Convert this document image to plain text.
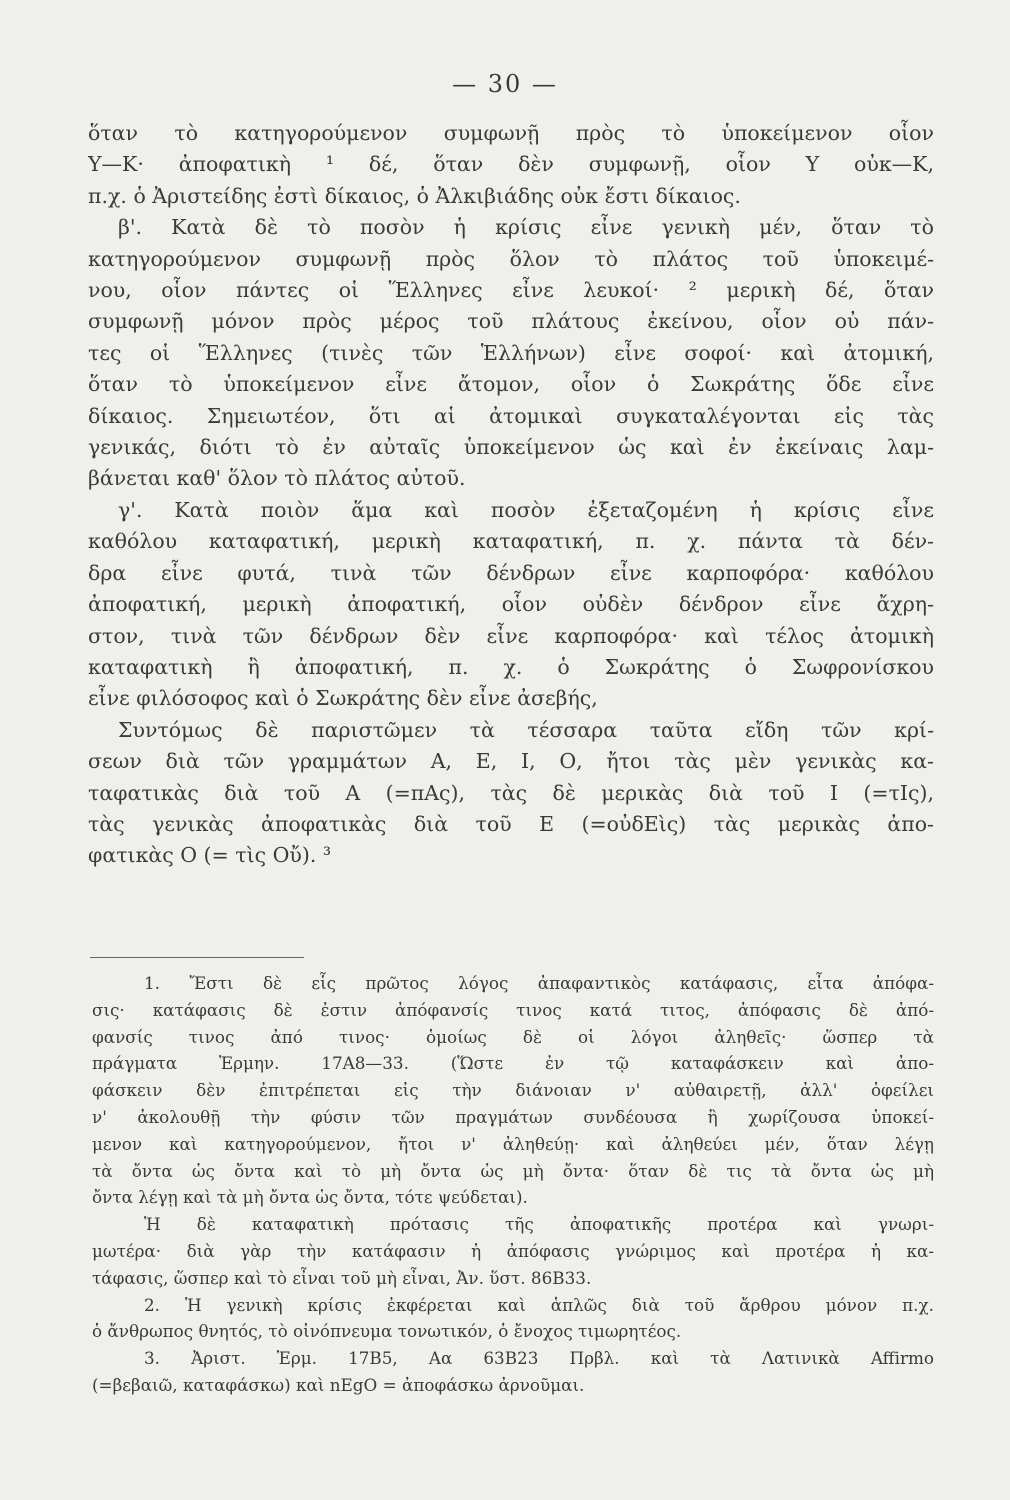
— 30 —
ὅταν τὸ κατηγορούμενον συμφωνῇ πρὸς τὸ ὑποκείμενον οἷον
Υ—Κ· ἀποφατικὴ ¹ δέ, ὅταν δὲν συμφωνῇ, οἷον Υ οὐκ—Κ,
π.χ. ὁ Ἀριστείδης ἐστὶ δίκαιος, ὁ Ἀλκιβιάδης οὐκ ἔστι δίκαιος.
β'. Κατὰ δὲ τὸ ποσὸν ἡ κρίσις εἶνε γενικὴ μέν, ὅταν τὸ
κατηγορούμενον συμφωνῇ πρὸς ὅλον τὸ πλάτος τοῦ ὑποκειμέ-
νου, οἷον πάντες οἱ Ἕλληνες εἶνε λευκοί· ² μερικὴ δέ, ὅταν
συμφωνῇ μόνον πρὸς μέρος τοῦ πλάτους ἐκείνου, οἷον οὐ πάν-
τες οἱ Ἕλληνες (τινὲς τῶν Ἑλλήνων) εἶνε σοφοί· καὶ ἀτομική,
ὅταν τὸ ὑποκείμενον εἶνε ἄτομον, οἷον ὁ Σωκράτης ὅδε εἶνε
δίκαιος. Σημειωτέον, ὅτι αἱ ἀτομικαὶ συγκαταλέγονται εἰς τὰς
γενικάς, διότι τὸ ἐν αὐταῖς ὑποκείμενον ὡς καὶ ἐν ἐκείναις λαμ-
βάνεται καθ' ὅλον τὸ πλάτος αὐτοῦ.
γ'. Κατὰ ποιὸν ἅμα καὶ ποσὸν ἐξεταζομένη ἡ κρίσις εἶνε
καθόλου καταφατική, μερικὴ καταφατική, π. χ. πάντα τὰ δέν-
δρα εἶνε φυτά, τινὰ τῶν δένδρων εἶνε καρποφόρα· καθόλου
ἀποφατική, μερικὴ ἀποφατική, οἷον οὐδὲν δένδρον εἶνε ἄχρη-
στον, τινὰ τῶν δένδρων δὲν εἶνε καρποφόρα· καὶ τέλος ἀτομικὴ
καταφατικὴ ἢ ἀποφατική, π. χ. ὁ Σωκράτης ὁ Σωφρονίσκου
εἶνε φιλόσοφος καὶ ὁ Σωκράτης δὲν εἶνε ἀσεβής,
Συντόμως δὲ παριστῶμεν τὰ τέσσαρα ταῦτα εἴδη τῶν κρί-
σεων διὰ τῶν γραμμάτων Α, Ε, Ι, Ο, ἤτοι τὰς μὲν γενικὰς κα-
ταφατικὰς διὰ τοῦ Α (=πΑς), τὰς δὲ μερικὰς διὰ τοῦ Ι (=τΙς),
τὰς γενικὰς ἀποφατικὰς διὰ τοῦ Ε (=οὐδΕὶς) τὰς μερικὰς ἀπο-
φατικὰς Ο (= τὶς Οὔ). ³
1. Ἔστι δὲ εἷς πρῶτος λόγος ἀπαφαντικὸς κατάφασις, εἶτα ἀπόφα-
σις· κατάφασις δὲ ἐστιν ἀπόφανσίς τινος κατά τιτος, ἀπόφασις δὲ ἀπό-
φανσίς τινος ἀπό τινος· ὁμοίως δὲ οἱ λόγοι ἀληθεῖς· ὥσπερ τὰ
πράγματα Ἑρμην. 17A8—33. (Ὥστε ἐν τῷ καταφάσκειν καὶ ἀπο-
φάσκειν δὲν ἐπιτρέπεται εἰς τὴν διάνοιαν ν' αὐθαιρετῇ, ἀλλ' ὀφείλει
ν' ἀκολουθῇ τὴν φύσιν τῶν πραγμάτων συνδέουσα ἢ χωρίζουσα ὑποκεί-
μενον καὶ κατηγορούμενον, ἤτοι ν' ἀληθεύῃ· καὶ ἀληθεύει μέν, ὅταν λέγῃ
τὰ ὄντα ὡς ὄντα καὶ τὸ μὴ ὄντα ὡς μὴ ὄντα· ὅταν δὲ τις τὰ ὄντα ὡς μὴ
ὄντα λέγῃ καὶ τὰ μὴ ὄντα ὡς ὄντα, τότε ψεύδεται).
Ἡ δὲ καταφατικὴ πρότασις τῆς ἀποφατικῆς προτέρα καὶ γνωρι-
μωτέρα· διὰ γὰρ τὴν κατάφασιν ἡ ἀπόφασις γνώριμος καὶ προτέρα ἡ κα-
τάφασις, ὥσπερ καὶ τὸ εἶναι τοῦ μὴ εἶναι, Ἀν. ὕστ. 86B33.
2. Ἡ γενικὴ κρίσις ἐκφέρεται καὶ ἁπλῶς διὰ τοῦ ἄρθρου μόνον π.χ.
ὁ ἄνθρωπος θνητός, τὸ οἰνόπνευμα τονωτικόν, ὁ ἔνοχος τιμωρητέος.
3. Ἀριστ. Ἑρμ. 17B5, Αα 63B23 Πρβλ. καὶ τὰ Λατινικὰ Affirmo
(=βεβαιῶ, καταφάσκω) καὶ nEgO = ἀποφάσκω ἀρνοῦμαι.
